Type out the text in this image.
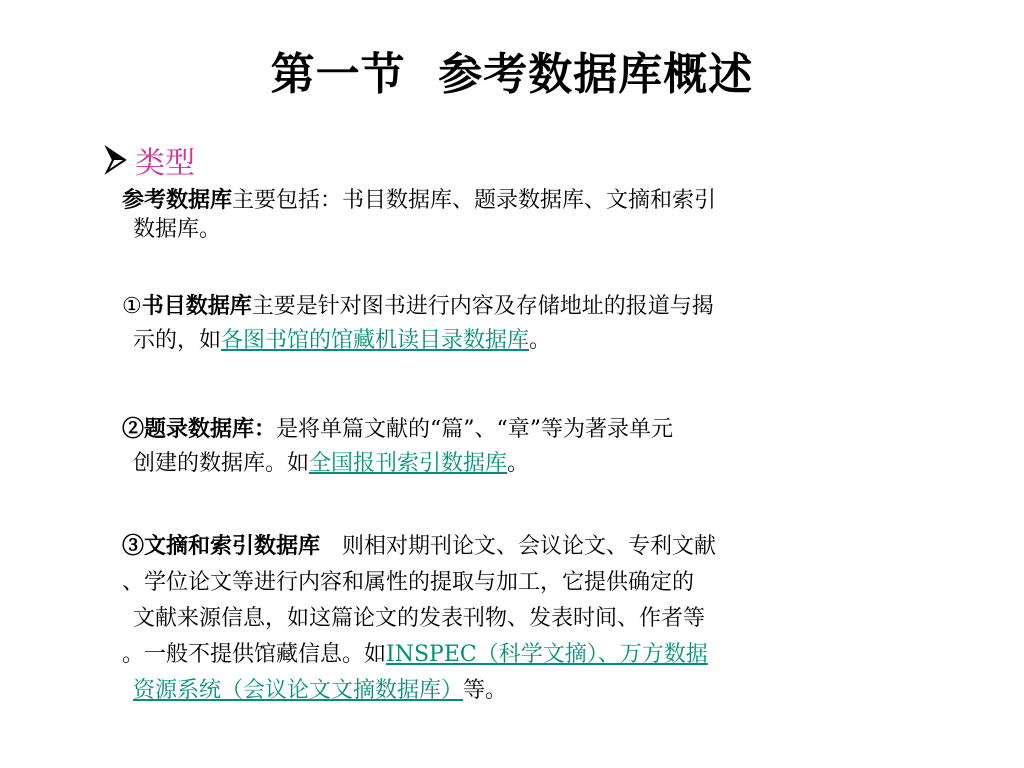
第一节  参考数据库概述
类型
参考数据库主要包括：书目数据库、题录数据库、文摘和索引
数据库。
①书目数据库主要是针对图书进行内容及存储地址的报道与揭
示的，如各图书馆的馆藏机读目录数据库。
②题录数据库：是将单篇文献的“篇”、“章”等为著录单元
创建的数据库。如全国报刊索引数据库。
③文摘和索引数据库　则相对期刊论文、会议论文、专利文献
、学位论文等进行内容和属性的提取与加工，它提供确定的
文献来源信息，如这篇论文的发表刊物、发表时间、作者等
。一般不提供馆藏信息。如INSPEC（科学文摘）、万方数据
资源系统（会议论文文摘数据库）等。
